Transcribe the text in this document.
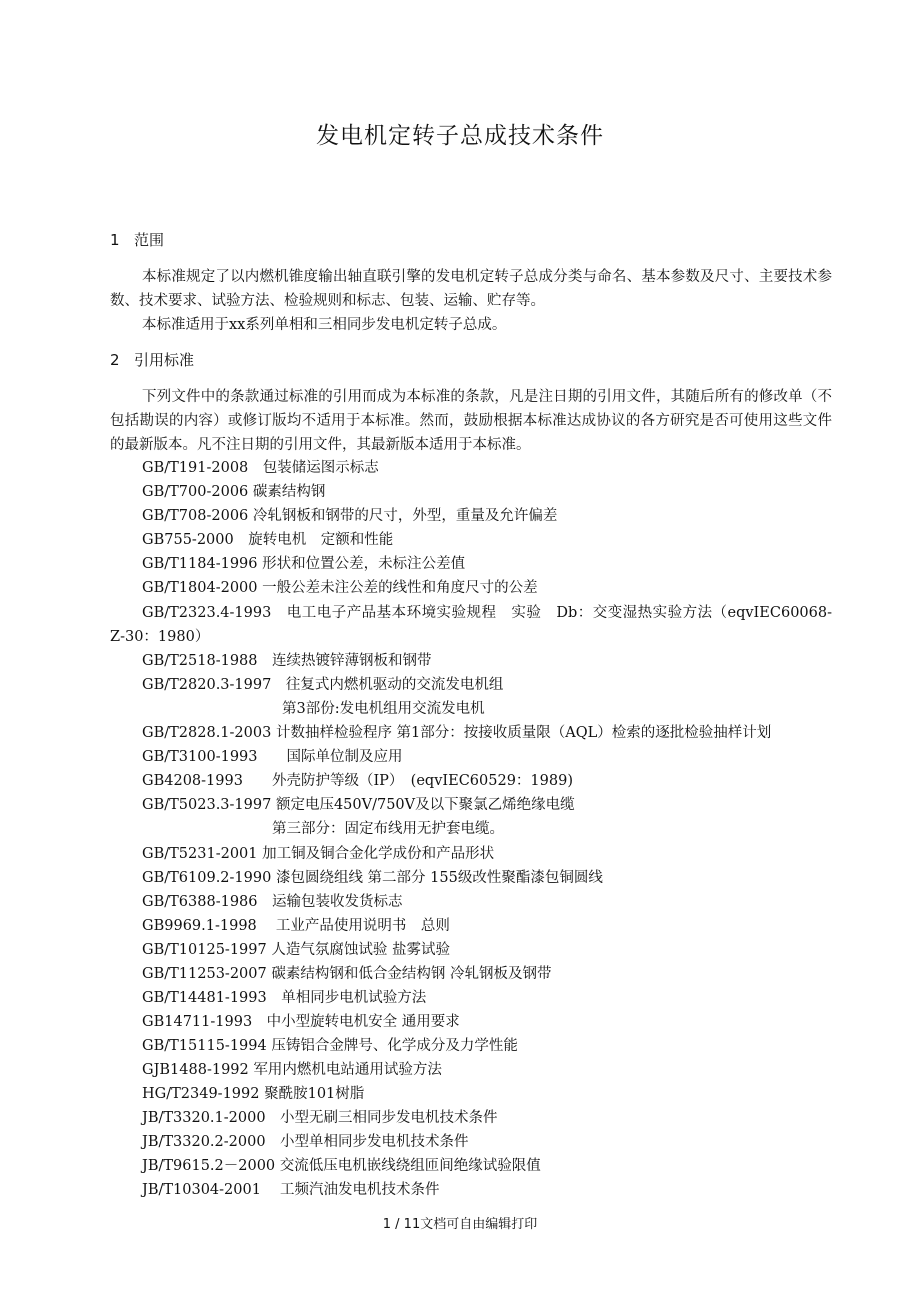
发电机定转子总成技术条件
1 范围
本标准规定了以内燃机锥度输出轴直联引擎的发电机定转子总成分类与命名、基本参数及尺寸、主要技术参数、技术要求、试验方法、检验规则和标志、包装、运输、贮存等。
本标准适用于xx系列单相和三相同步发电机定转子总成。
2 引用标准
下列文件中的条款通过标准的引用而成为本标准的条款，凡是注日期的引用文件，其随后所有的修改单（不包括勘误的内容）或修订版均不适用于本标准。然而，鼓励根据本标准达成协议的各方研究是否可使用这些文件的最新版本。凡不注日期的引用文件，其最新版本适用于本标准。
GB/T191-2008　包装储运图示标志
GB/T700-2006 碳素结构钢
GB/T708-2006 冷轧钢板和钢带的尺寸，外型，重量及允许偏差
GB755-2000　旋转电机　定额和性能
GB/T1184-1996 形状和位置公差，未标注公差值
GB/T1804-2000 一般公差未注公差的线性和角度尺寸的公差
GB/T2323.4-1993　电工电子产品基本环境实验规程　实验　Db：交变湿热实验方法（eqvIEC60068-Z-30：1980）
GB/T2518-1988　连续热镀锌薄钢板和钢带
GB/T2820.3-1997　往复式内燃机驱动的交流发电机组
第3部份:发电机组用交流发电机
GB/T2828.1-2003 计数抽样检验程序 第1部分：按接收质量限（AQL）检索的逐批检验抽样计划
GB/T3100-1993　　国际单位制及应用
GB4208-1993　　外壳防护等级（IP）　(eqvIEC60529：1989)
GB/T5023.3-1997 额定电压450V/750V及以下聚氯乙烯绝缘电缆
第三部分：固定布线用无护套电缆。
GB/T5231-2001 加工铜及铜合金化学成份和产品形状
GB/T6109.2-1990 漆包圆绕组线 第二部分 155级改性聚酯漆包铜圆线
GB/T6388-1986　运输包装收发货标志
GB9969.1-1998　 工业产品使用说明书　总则
GB/T10125-1997 人造气氛腐蚀试验 盐雾试验
GB/T11253-2007 碳素结构钢和低合金结构钢 冷轧钢板及钢带
GB/T14481-1993　单相同步电机试验方法
GB14711-1993　中小型旋转电机安全 通用要求
GB/T15115-1994 压铸铝合金牌号、化学成分及力学性能
GJB1488-1992 军用内燃机电站通用试验方法
HG/T2349-1992 聚酰胺101树脂
JB/T3320.1-2000　小型无刷三相同步发电机技术条件
JB/T3320.2-2000　小型单相同步发电机技术条件
JB/T9615.2－2000 交流低压电机嵌线绕组匝间绝缘试验限值
JB/T10304-2001　 工频汽油发电机技术条件
1 / 11文档可自由编辑打印
